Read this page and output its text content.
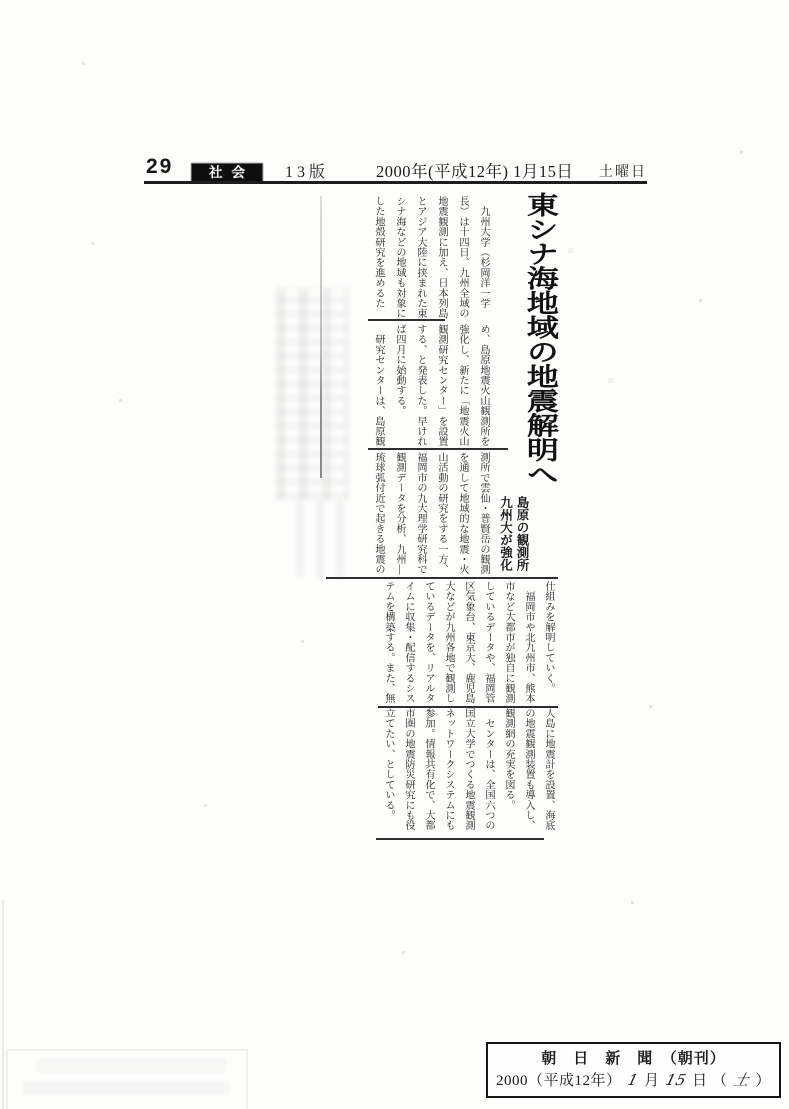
29	社会 13版	2000年(平成12年) 1月15日 土曜日
東シナ海地域の地震解明へ
島原の観測所
九州大が強化
　九州大学（杉岡洋一学
長）は十四日、九州全域の
地震観測に加え、日本列島
とアジア大陸に挟まれた東
シナ海などの地域も対象に
した地殻研究を進めるた
め、島原地震火山観測所を
強化し、新たに「地震火山
観測研究センター」を設置
する、と発表した。早けれ
ば四月に始動する。
　研究センターは、島原観
測所で雲仙・普賢岳の観測
を通して地域的な地震・火
山活動の研究をする一方、
福岡市の九大理学研究科で
観測データを分析、九州―
琉球弧付近で起きる地震の
仕組みを解明していく。
　福岡市や北九州市、熊本
市など大都市が独自に観測
しているデータや、福岡管
区気象台、東京大、鹿児島
大などが九州各地で観測し
ているデータを、リアルタ
イムに収集・配信するシス
テムを構築する。また、無
人島に地震計を設置、海底
の地震観測装置も導入し、
観測網の充実を図る。
　センターは、全国六つの
国立大学でつくる地震観測
ネットワークシステムにも
参加。情報共有化で、大都
市圏の地震防災研究にも役
立てたい、としている。
朝　日　新　聞　（朝刊）
2000（平成12年） 1 月 15 日 （ 土 ）
